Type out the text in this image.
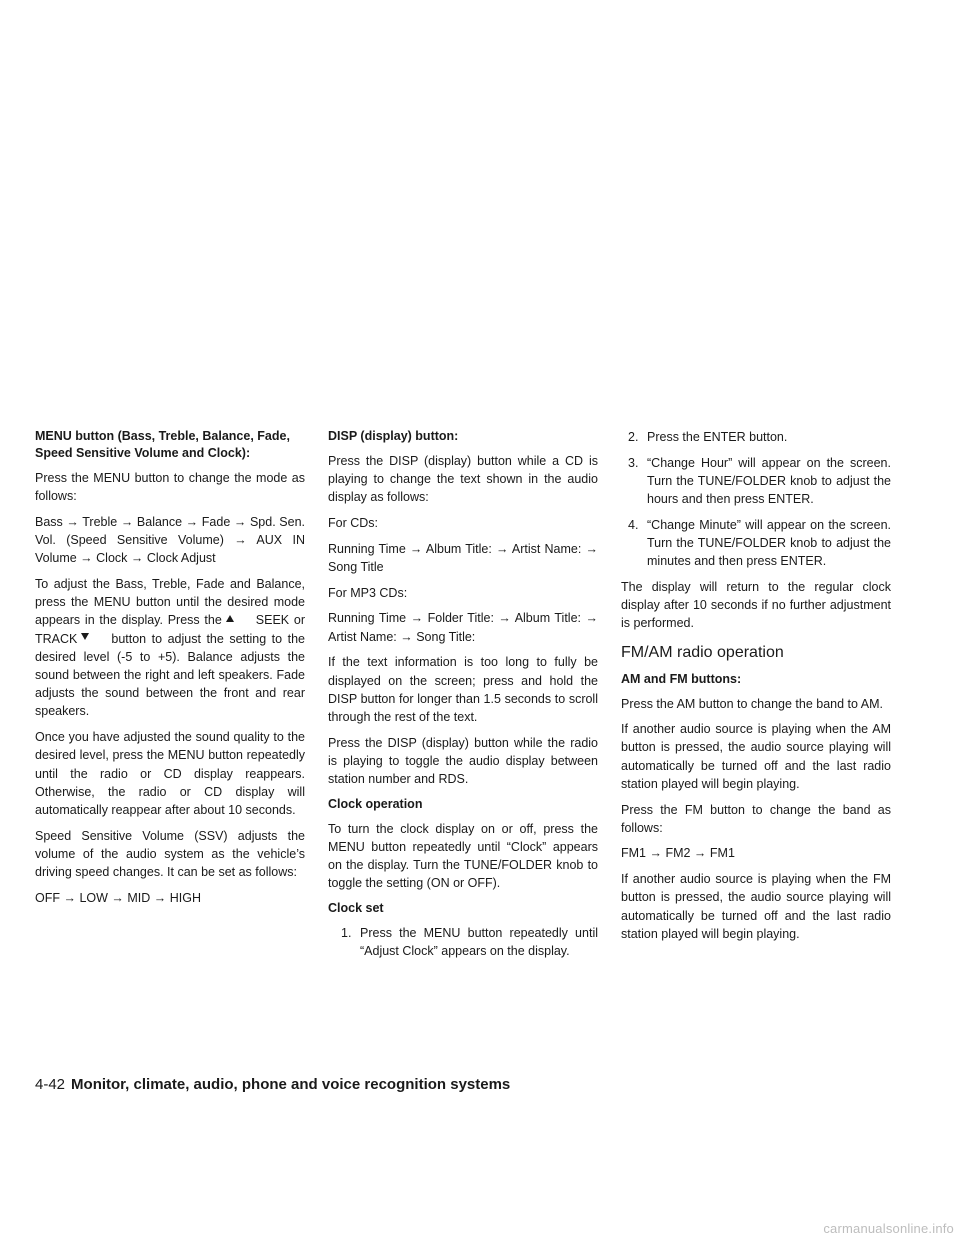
MENU button (Bass, Treble, Balance, Fade, Speed Sensitive Volume and Clock):

Press the MENU button to change the mode as follows:

Bass → Treble → Balance → Fade → Spd. Sen. Vol. (Speed Sensitive Volume) → AUX IN Volume → Clock → Clock Adjust

To adjust the Bass, Treble, Fade and Balance, press the MENU button until the desired mode appears in the display. Press the	SEEK or TRACK	button to adjust the setting to the desired level (-5 to +5). Balance adjusts the sound between the right and left speakers. Fade adjusts the sound between the front and rear speakers.

Once you have adjusted the sound quality to the desired level, press the MENU button repeatedly until the radio or CD display reappears. Otherwise, the radio or CD display will automatically reappear after about 10 seconds.

Speed Sensitive Volume (SSV) adjusts the volume of the audio system as the vehicle’s driving speed changes. It can be set as follows:

OFF → LOW → MID → HIGH

DISP (display) button:

Press the DISP (display) button while a CD is playing to change the text shown in the audio display as follows:

For CDs:

Running Time → Album Title: → Artist Name: → Song Title

For MP3 CDs:

Running Time → Folder Title: → Album Title: → Artist Name: → Song Title:

If the text information is too long to fully be displayed on the screen; press and hold the DISP button for longer than 1.5 seconds to scroll through the rest of the text.

Press the DISP (display) button while the radio is playing to toggle the audio display between station number and RDS.

Clock operation

To turn the clock display on or off, press the MENU button repeatedly until “Clock” appears on the display. Turn the TUNE/FOLDER knob to toggle the setting (ON or OFF).

Clock set
1. Press the MENU button repeatedly until “Adjust Clock” appears on the display.
2. Press the ENTER button.
3. “Change Hour” will appear on the screen. Turn the TUNE/FOLDER knob to adjust the hours and then press ENTER.
4. “Change Minute” will appear on the screen. Turn the TUNE/FOLDER knob to adjust the minutes and then press ENTER.

The display will return to the regular clock display after 10 seconds if no further adjustment is performed.

FM/AM radio operation
AM and FM buttons:

Press the AM button to change the band to AM.

If another audio source is playing when the AM button is pressed, the audio source playing will automatically be turned off and the last radio station played will begin playing.

Press the FM button to change the band as follows:

FM1 → FM2 → FM1

If another audio source is playing when the FM button is pressed, the audio source playing will automatically be turned off and the last radio station played will begin playing.

4-42 Monitor, climate, audio, phone and voice recognition systems
carmanualsonline.info
